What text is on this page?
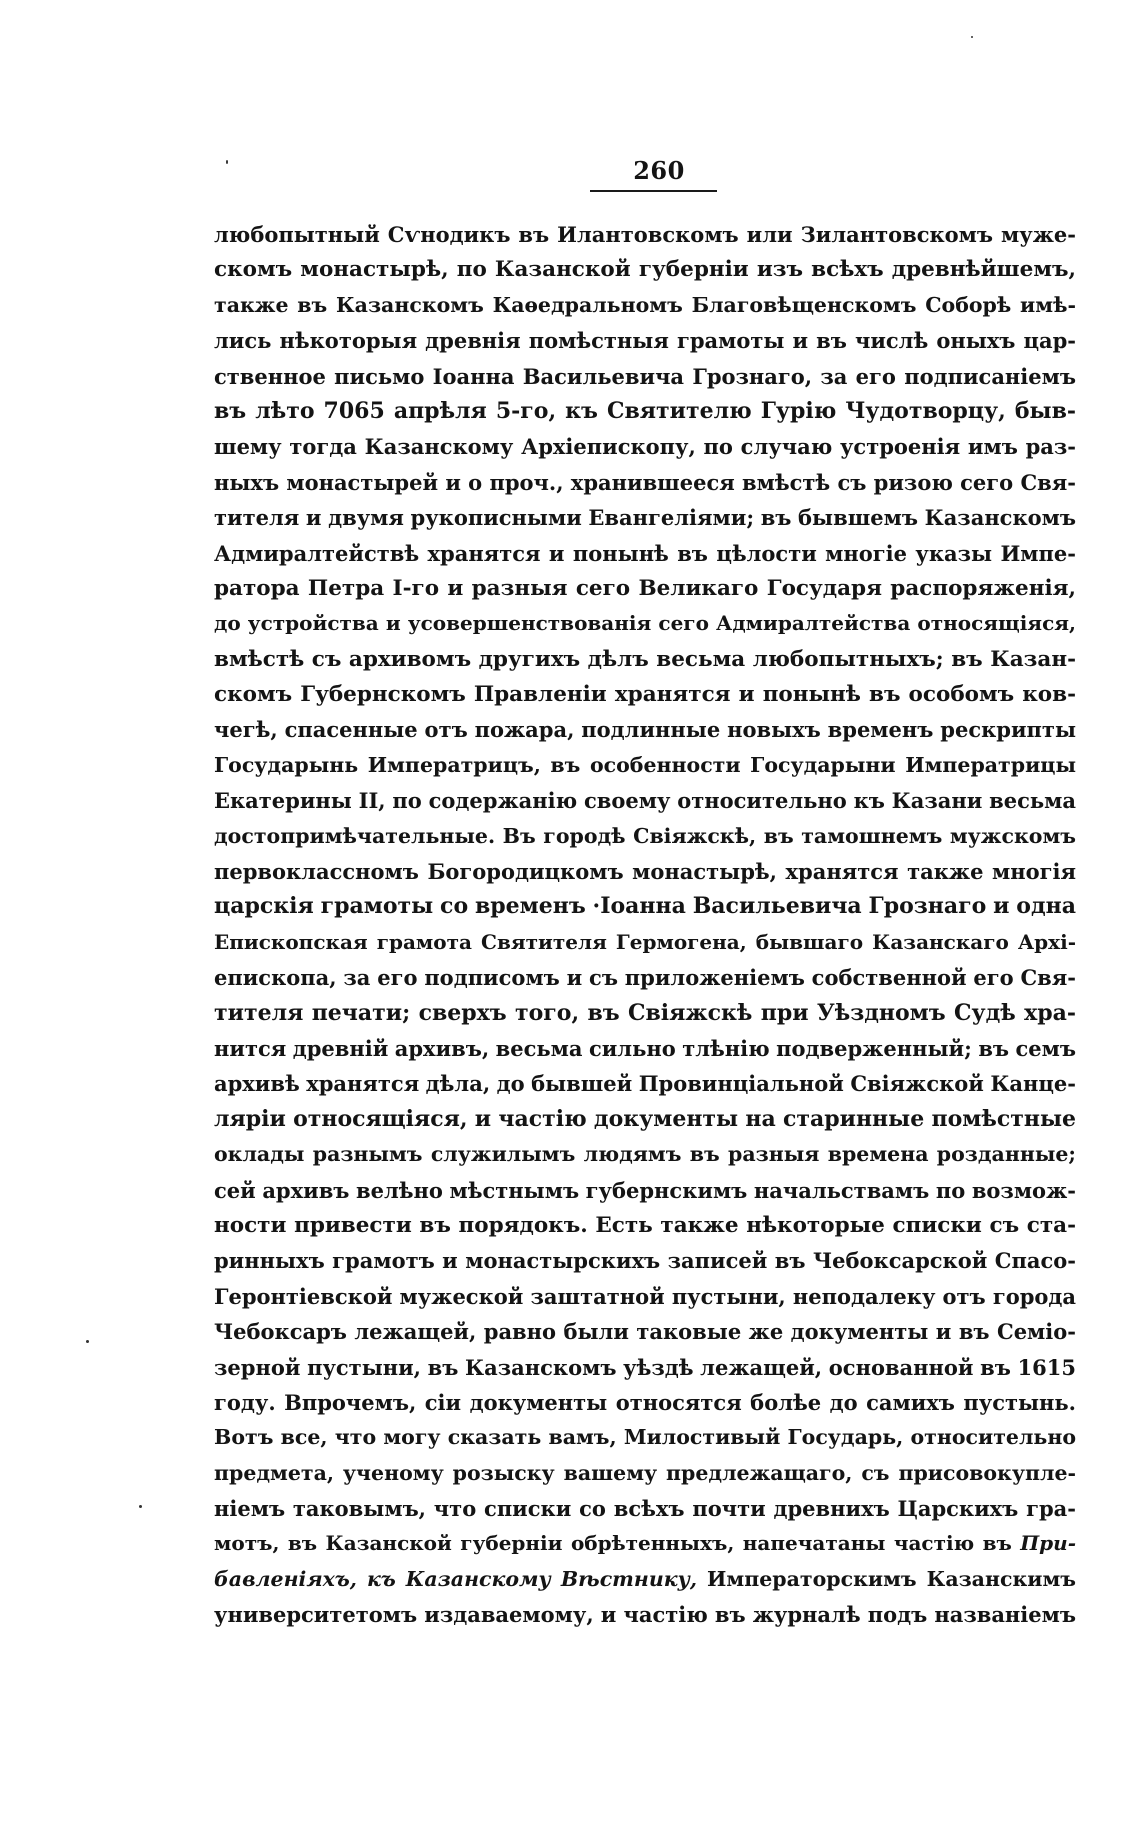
260
любопытный Сѵнодикъ въ Илантовскомъ или Зилантовскомъ муже-
скомъ монастырѣ, по Казанской губерніи изъ всѣхъ древнѣйшемъ,
также въ Казанскомъ Каѳедральномъ Благовѣщенскомъ Соборѣ имѣ-
лись нѣкоторыя древнія помѣстныя грамоты и въ числѣ оныхъ цар-
ственное письмо Іоанна Васильевича Грознаго, за его подписаніемъ
въ лѣто 7065 апрѣля 5-го, къ Святителю Гурію Чудотворцу, быв-
шему тогда Казанскому Архіепископу, по случаю устроенія имъ раз-
ныхъ монастырей и о проч., хранившееся вмѣстѣ съ ризою сего Свя-
тителя и двумя рукописными Евангеліями; въ бывшемъ Казанскомъ
Адмиралтействѣ хранятся и понынѣ въ цѣлости многіе указы Импе-
ратора Петра I-го и разныя сего Великаго Государя распоряженія,
до устройства и усовершенствованія сего Адмиралтейства относящіяся,
вмѣстѣ съ архивомъ другихъ дѣлъ весьма любопытныхъ; въ Казан-
скомъ Губернскомъ Правленіи хранятся и понынѣ въ особомъ ков-
чегѣ, спасенные отъ пожара, подлинные новыхъ временъ рескрипты
Государынь Императрицъ, въ особенности Государыни Императрицы
Екатерины II, по содержанію своему относительно къ Казани весьма
достопримѣчательные. Въ городѣ Свіяжскѣ, въ тамошнемъ мужскомъ
первоклассномъ Богородицкомъ монастырѣ, хранятся также многія
царскія грамоты со временъ ·Іоанна Васильевича Грознаго и одна
Епископская грамота Святителя Гермогена, бывшаго Казанскаго Архі-
епископа, за его подписомъ и съ приложеніемъ собственной его Свя-
тителя печати; сверхъ того, въ Свіяжскѣ при Уѣздномъ Судѣ хра-
нится древній архивъ, весьма сильно тлѣнію подверженный; въ семъ
архивѣ хранятся дѣла, до бывшей Провинціальной Свіяжской Канце-
ляріи относящіяся, и частію документы на старинные помѣстные
оклады разнымъ служилымъ людямъ въ разныя времена розданные;
сей архивъ велѣно мѣстнымъ губернскимъ начальствамъ по возмож-
ности привести въ порядокъ. Есть также нѣкоторые списки съ ста-
ринныхъ грамотъ и монастырскихъ записей въ Чебоксарской Спасо-
Геронтіевской мужеской заштатной пустыни, неподалеку отъ города
Чебоксаръ лежащей, равно были таковые же документы и въ Семіо-
зерной пустыни, въ Казанскомъ уѣздѣ лежащей, основанной въ 1615
году. Впрочемъ, сіи документы относятся болѣе до самихъ пустынь.
Вотъ все, что могу сказать вамъ, Милостивый Государь, относительно
предмета, ученому розыску вашему предлежащаго, съ присовокупле-
ніемъ таковымъ, что списки со всѣхъ почти древнихъ Царскихъ гра-
мотъ, въ Казанской губерніи обрѣтенныхъ, напечатаны частію въ При-
бавленіяхъ, къ Казанскому Вѣстнику, Императорскимъ Казанскимъ
университетомъ издаваемому, и частію въ журналѣ подъ названіемъ
